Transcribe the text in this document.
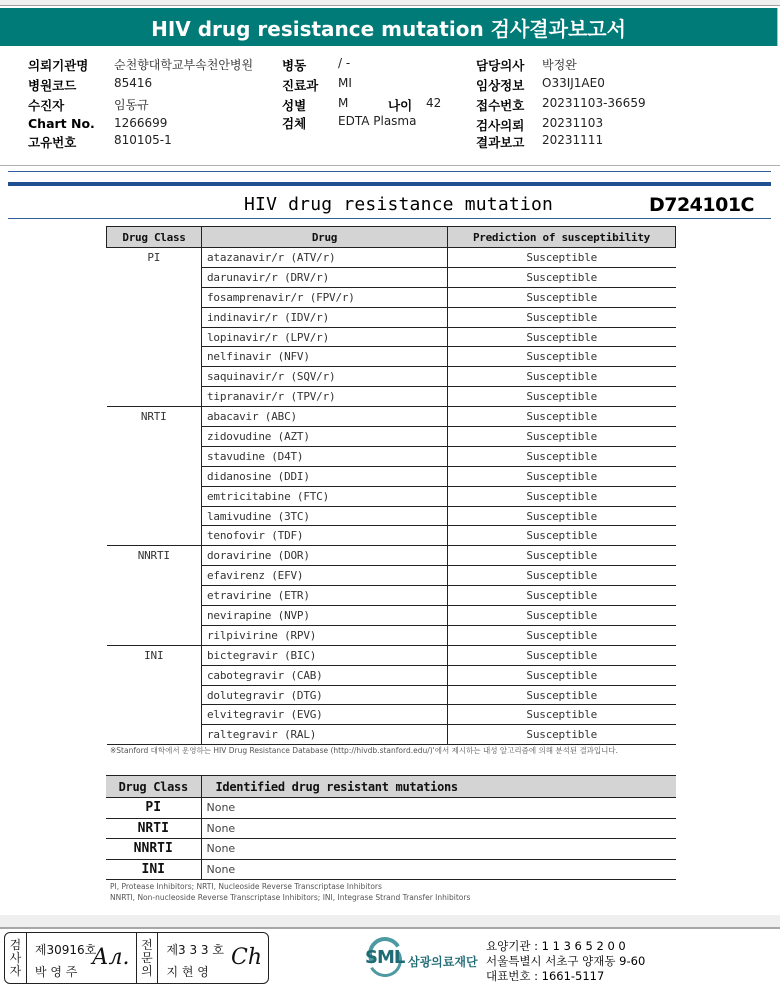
HIV drug resistance mutation 검사결과보고서
의뢰기관명 순천향대학교부속천안병원
병원코드	85416
수진자	임동규
Chart No. 1266699
고유번호	810105-1
병동	/ -
진료과 MI
성별	M	나이 42
검체	EDTA Plasma
담당의사 박정완
임상정보 O33IJ1AE0
접수번호 20231103-36659
검사의뢰 20231103
결과보고 20231111
HIV drug resistance mutation	D724101C
Drug Class	Drug	Prediction of susceptibility
PI	atazanavir/r (ATV/r)	Susceptible
	darunavir/r (DRV/r)	Susceptible
	fosamprenavir/r (FPV/r)	Susceptible
	indinavir/r (IDV/r)	Susceptible
	lopinavir/r (LPV/r)	Susceptible
	nelfinavir (NFV)	Susceptible
	saquinavir/r (SQV/r)	Susceptible
	tipranavir/r (TPV/r)	Susceptible
NRTI	abacavir (ABC)	Susceptible
	zidovudine (AZT)	Susceptible
	stavudine (D4T)	Susceptible
	didanosine (DDI)	Susceptible
	emtricitabine (FTC)	Susceptible
	lamivudine (3TC)	Susceptible
	tenofovir (TDF)	Susceptible
NNRTI	doravirine (DOR)	Susceptible
	efavirenz (EFV)	Susceptible
	etravirine (ETR)	Susceptible
	nevirapine (NVP)	Susceptible
	rilpivirine (RPV)	Susceptible
INI	bictegravir (BIC)	Susceptible
	cabotegravir (CAB)	Susceptible
	dolutegravir (DTG)	Susceptible
	elvitegravir (EVG)	Susceptible
	raltegravir (RAL)	Susceptible
※Stanford 대학에서 운영하는 HIV Drug Resistance Database (http://hivdb.stanford.edu/)'에서 제시하는 내성 알고리즘에 의해 분석된 결과입니다.
Drug Class	Identified drug resistant mutations
PI	None
NRTI	None
NNRTI	None
INI	None
PI, Protease Inhibitors; NRTI, Nucleoside Reverse Transcriptase Inhibitors
NNRTI, Non-nucleoside Reverse Transcriptase Inhibitors; INI, Integrase Strand Transfer Inhibitors
검
사
자
제30916호
박 영 주
Ал.
전
문
의
제3 3 3 호
지 현 영
Ch	SML 삼광의료재단
요양기관 : 1 1 3 6 5 2 0 0
서울특별시 서초구 양재동 9-60
대표번호 : 1661-5117
